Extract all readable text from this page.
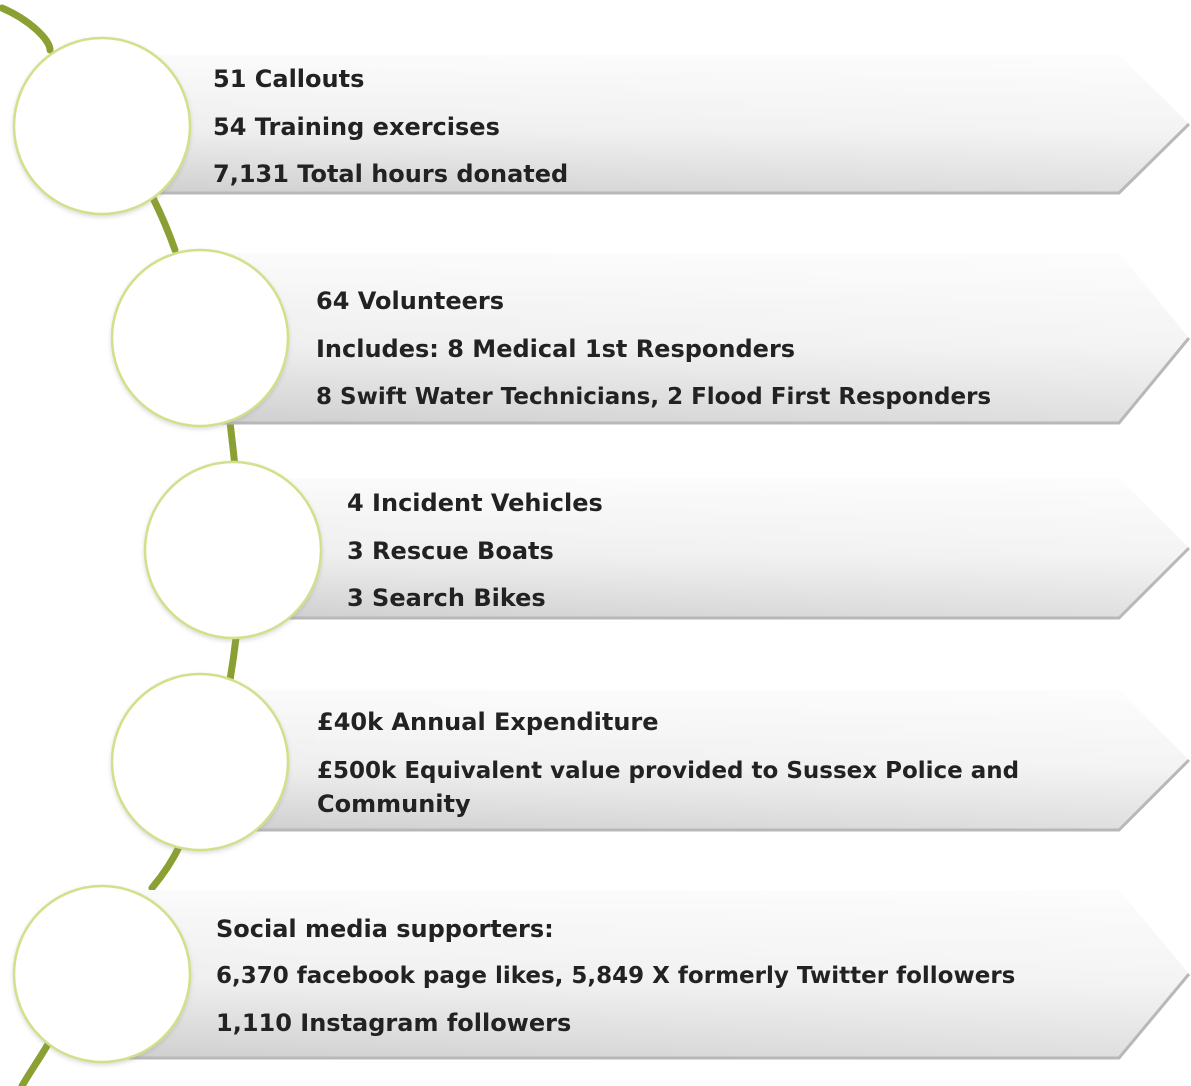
51 Callouts
54 Training exercises
7,131 Total hours donated
64 Volunteers
Includes: 8 Medical 1st Responders
8 Swift Water Technicians, 2 Flood First Responders
4 Incident Vehicles
3 Rescue Boats
3 Search Bikes
£40k Annual Expenditure
£500k Equivalent value provided to Sussex Police and
Community
Social media supporters:
6,370 facebook page likes, 5,849 X formerly Twitter followers
1,110 Instagram followers
